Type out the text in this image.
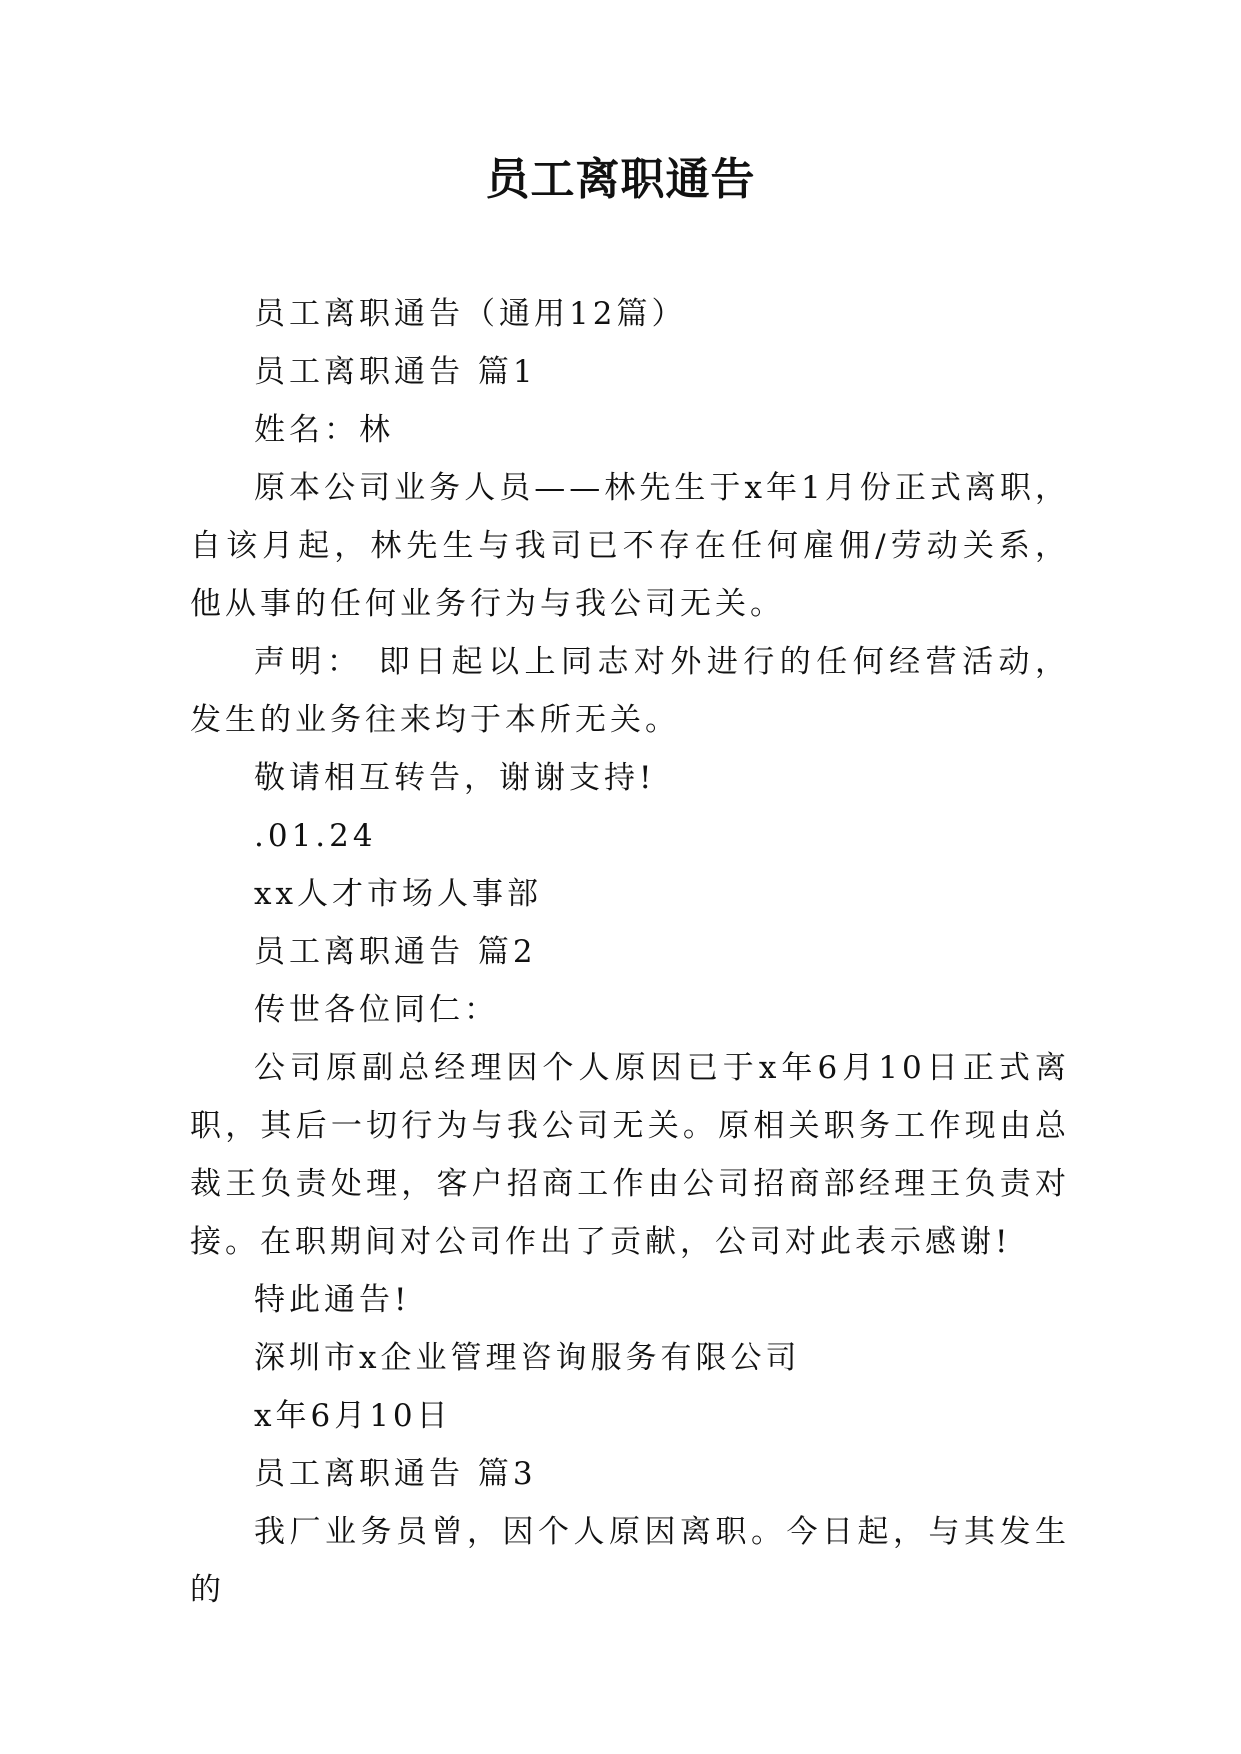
员工离职通告

员工离职通告（通用12篇）

员工离职通告 篇1

姓名：林

原本公司业务人员——林先生于x年1月份正式离职，自该月起，林先生与我司已不存在任何雇佣/劳动关系，他从事的任何业务行为与我公司无关。

声明： 即日起以上同志对外进行的任何经营活动，发生的业务往来均于本所无关。

敬请相互转告，谢谢支持!

.01.24

xx人才市场人事部

员工离职通告 篇2

传世各位同仁：

公司原副总经理因个人原因已于x年6月10日正式离职，其后一切行为与我公司无关。原相关职务工作现由总裁王负责处理，客户招商工作由公司招商部经理王负责对接。在职期间对公司作出了贡献，公司对此表示感谢!

特此通告!

深圳市x企业管理咨询服务有限公司

x年6月10日

员工离职通告 篇3

我厂业务员曾，因个人原因离职。今日起，与其发生的
